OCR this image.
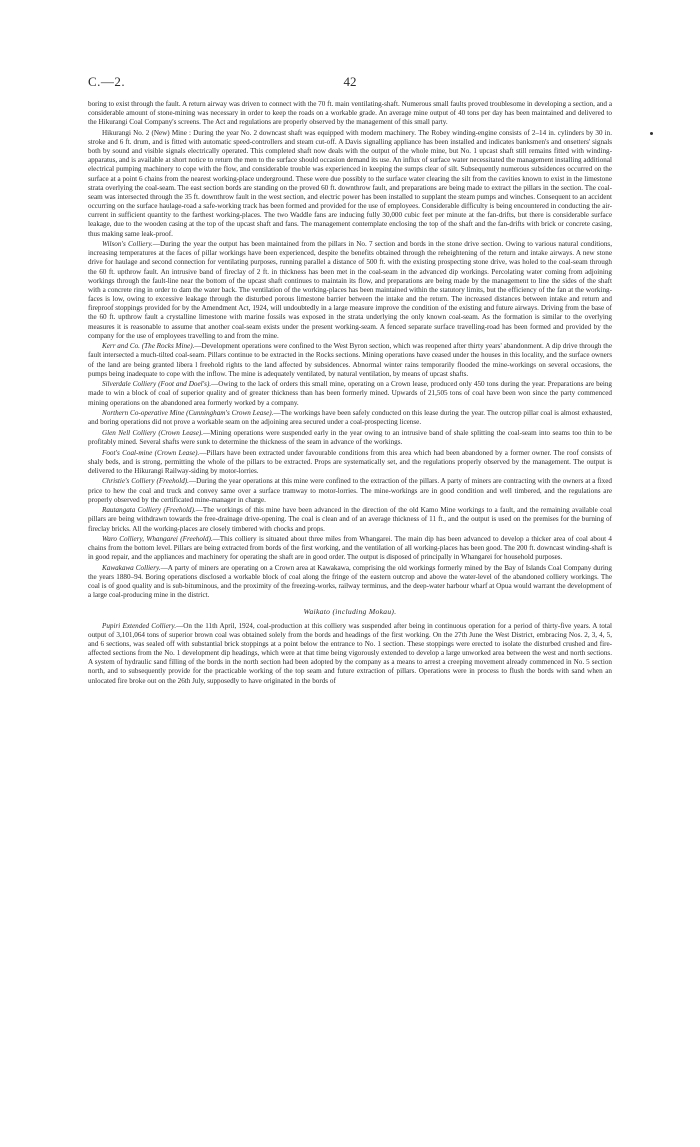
C.—2.	42

boring to exist through the fault. A return airway was driven to connect with the 70 ft. main ventilating-shaft. Numerous small faults proved troublesome in developing a section, and a considerable amount of stone-mining was necessary in order to keep the roads on a workable grade. An average mine output of 40 tons per day has been maintained and delivered to the Hikurangi Coal Company's screens. The Act and regulations are properly observed by the management of this small party.

Hikurangi No. 2 (New) Mine : During the year No. 2 downcast shaft was equipped with modern machinery. The Robey winding-engine consists of 2–14 in. cylinders by 30 in. stroke and 6 ft. drum, and is fitted with automatic speed-controllers and steam cut-off. A Davis signalling appliance has been installed and indicates banksmen's and onsetters' signals both by sound and visible signals electrically operated. This completed shaft now deals with the output of the whole mine, but No. 1 upcast shaft still remains fitted with winding-apparatus, and is available at short notice to return the men to the surface should occasion demand its use. An influx of surface water necessitated the management installing additional electrical pumping machinery to cope with the flow, and considerable trouble was experienced in keeping the sumps clear of silt. Subsequently numerous subsidences occurred on the surface at a point 6 chains from the nearest working-place underground. These were due possibly to the surface water clearing the silt from the cavities known to exist in the limestone strata overlying the coal-seam. The east section bords are standing on the proved 60 ft. downthrow fault, and preparations are being made to extract the pillars in the section. The coal-seam was intersected through the 35 ft. downthrow fault in the west section, and electric power has been installed to supplant the steam pumps and winches. Consequent to an accident occurring on the surface haulage-road a safe-working track has been formed and provided for the use of employees. Considerable difficulty is being encountered in conducting the air-current in sufficient quantity to the farthest working-places. The two Waddle fans are inducing fully 30,000 cubic feet per minute at the fan-drifts, but there is considerable surface leakage, due to the wooden casing at the top of the upcast shaft and fans. The management contemplate enclosing the top of the shaft and the fan-drifts with brick or concrete casing, thus making same leak-proof.

Wilson's Colliery.—During the year the output has been maintained from the pillars in No. 7 section and bords in the stone drive section. Owing to various natural conditions, increasing temperatures at the faces of pillar workings have been experienced, despite the benefits obtained through the reheightening of the return and intake airways. A new stone drive for haulage and second connection for ventilating purposes, running parallel a distance of 500 ft. with the existing prospecting stone drive, was holed to the coal-seam through the 60 ft. upthrow fault. An intrusive band of fireclay of 2 ft. in thickness has been met in the coal-seam in the advanced dip workings. Percolating water coming from adjoining workings through the fault-line near the bottom of the upcast shaft continues to maintain its flow, and preparations are being made by the management to line the sides of the shaft with a concrete ring in order to dam the water back. The ventilation of the working-places has been maintained within the statutory limits, but the efficiency of the fan at the working-faces is low, owing to excessive leakage through the disturbed porous limestone barrier between the intake and the return. The increased distances between intake and return and fireproof stoppings provided for by the Amendment Act, 1924, will undoubtedly in a large measure improve the condition of the existing and future airways. Driving from the base of the 60 ft. upthrow fault a crystalline limestone with marine fossils was exposed in the strata underlying the only known coal-seam. As the formation is similar to the overlying measures it is reasonable to assume that another coal-seam exists under the present working-seam. A fenced separate surface travelling-road has been formed and provided by the company for the use of employees travelling to and from the mine.

Kerr and Co. (The Rocks Mine).—Development operations were confined to the West Byron section, which was reopened after thirty years' abandonment. A dip drive through the fault intersected a much-tilted coal-seam. Pillars continue to be extracted in the Rocks sections. Mining operations have ceased under the houses in this locality, and the surface owners of the land are being granted libera l freehold rights to the land affected by subsidences. Abnormal winter rains temporarily flooded the mine-workings on several occasions, the pumps being inadequate to cope with the inflow. The mine is adequately ventilated, by natural ventilation, by means of upcast shafts.

Silverdale Colliery (Foot and Doel's).—Owing to the lack of orders this small mine, operating on a Crown lease, produced only 450 tons during the year. Preparations are being made to win a block of coal of superior quality and of greater thickness than has been formerly mined. Upwards of 21,505 tons of coal have been won since the party commenced mining operations on the abandoned area formerly worked by a company.

Northern Co-operative Mine (Cunningham's Crown Lease).—The workings have been safely conducted on this lease during the year. The outcrop pillar coal is almost exhausted, and boring operations did not prove a workable seam on the adjoining area secured under a coal-prospecting license.

Glen Nell Colliery (Crown Lease).—Mining operations were suspended early in the year owing to an intrusive band of shale splitting the coal-seam into seams too thin to be profitably mined. Several shafts were sunk to determine the thickness of the seam in advance of the workings.

Foot's Coal-mine (Crown Lease).—Pillars have been extracted under favourable conditions from this area which had been abandoned by a former owner. The roof consists of shaly beds, and is strong, permitting the whole of the pillars to be extracted. Props are systematically set, and the regulations properly observed by the management. The output is delivered to the Hikurangi Railway-siding by motor-lorries.

Christie's Colliery (Freehold).—During the year operations at this mine were confined to the extraction of the pillars. A party of miners are contracting with the owners at a fixed price to hew the coal and truck and convey same over a surface tramway to motor-lorries. The mine-workings are in good condition and well timbered, and the regulations are properly observed by the certificated mine-manager in charge.

Rautangata Colliery (Freehold).—The workings of this mine have been advanced in the direction of the old Kamo Mine workings to a fault, and the remaining available coal pillars are being withdrawn towards the free-drainage drive-opening. The coal is clean and of an average thickness of 11 ft., and the output is used on the premises for the burning of fireclay bricks. All the working-places are closely timbered with chocks and props.

Waro Colliery, Whangarei (Freehold).—This colliery is situated about three miles from Whangarei. The main dip has been advanced to develop a thicker area of coal about 4 chains from the bottom level. Pillars are being extracted from bords of the first working, and the ventilation of all working-places has been good. The 200 ft. downcast winding-shaft is in good repair, and the appliances and machinery for operating the shaft are in good order. The output is disposed of principally in Whangarei for household purposes.

Kawakawa Colliery.—A party of miners are operating on a Crown area at Kawakawa, comprising the old workings formerly mined by the Bay of Islands Coal Company during the years 1880–94. Boring operations disclosed a workable block of coal along the fringe of the eastern outcrop and above the water-level of the abandoned colliery workings. The coal is of good quality and is sub-bituminous, and the proximity of the freezing-works, railway terminus, and the deep-water harbour wharf at Opua would warrant the development of a large coal-producing mine in the district.

Waikato (including Mokau).

Pupiri Extended Colliery.—On the 11th April, 1924, coal-production at this colliery was suspended after being in continuous operation for a period of thirty-five years. A total output of 3,101,064 tons of superior brown coal was obtained solely from the bords and headings of the first working. On the 27th June the West District, embracing Nos. 2, 3, 4, 5, and 6 sections, was sealed off with substantial brick stoppings at a point below the entrance to No. 1 section. These stoppings were erected to isolate the disturbed crushed and fire-affected sections from the No. 1 development dip headings, which were at that time being vigorously extended to develop a large unworked area between the west and north sections. A system of hydraulic sand filling of the bords in the north section had been adopted by the company as a means to arrest a creeping movement already commenced in No. 5 section north, and to subsequently provide for the practicable working of the top seam and future extraction of pillars. Operations were in process to flush the bords with sand when an unlocated fire broke out on the 26th July, supposedly to have originated in the bords of
